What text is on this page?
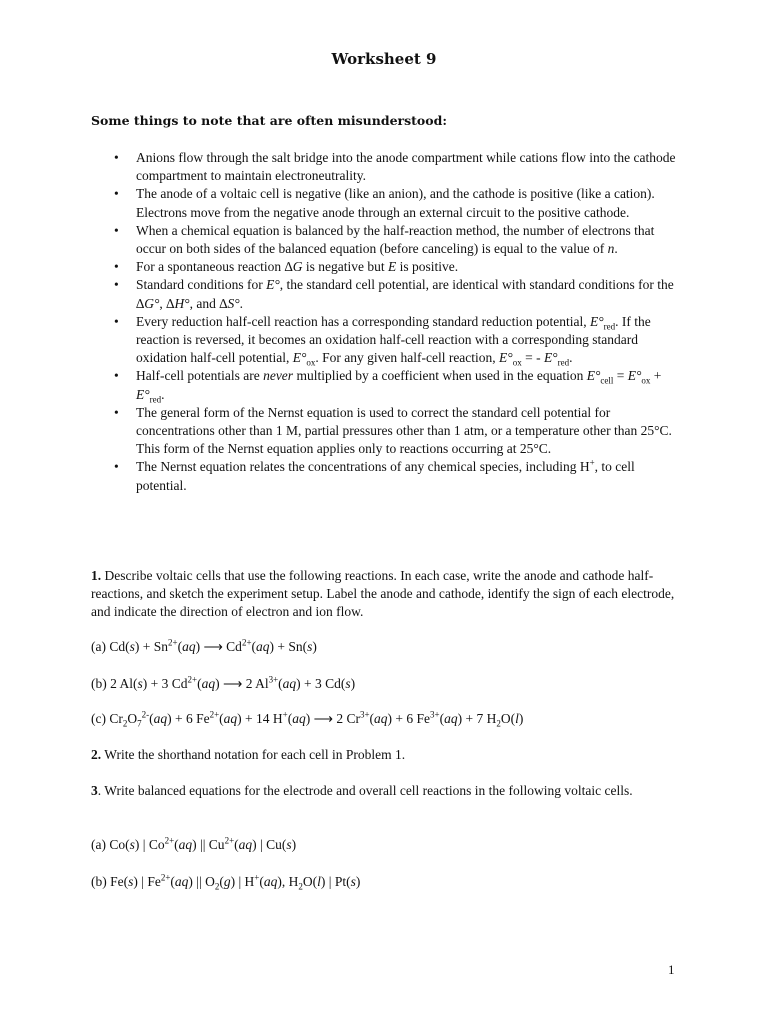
Worksheet 9
Some things to note that are often misunderstood:
• Anions flow through the salt bridge into the anode compartment while cations flow into the cathode compartment to maintain electroneutrality.
• The anode of a voltaic cell is negative (like an anion), and the cathode is positive (like a cation). Electrons move from the negative anode through an external circuit to the positive cathode.
• When a chemical equation is balanced by the half-reaction method, the number of electrons that occur on both sides of the balanced equation (before canceling) is equal to the value of n.
• For a spontaneous reaction ∆G is negative but E is positive.
• Standard conditions for E°, the standard cell potential, are identical with standard conditions for the ∆G°, ∆H°, and ∆S°.
• Every reduction half-cell reaction has a corresponding standard reduction potential, $E^\circ_{red}$. If the reaction is reversed, it becomes an oxidation half-cell reaction with a corresponding standard oxidation half-cell potential, $E^\circ_{ox}$. For any given half-cell reaction, $E^\circ_{ox}$ = - $E^\circ_{red}$.
• Half-cell potentials are never multiplied by a coefficient when used in the equation $E^\circ_{cell} = E^\circ_{ox} + E^\circ_{red}$.
• The general form of the Nernst equation is used to correct the standard cell potential for concentrations other than 1 M, partial pressures other than 1 atm, or a temperature other than 25°C. This form of the Nernst equation applies only to reactions occurring at 25°C.
• The Nernst equation relates the concentrations of any chemical species, including H+, to cell potential.
1. Describe voltaic cells that use the following reactions. In each case, write the anode and cathode half-reactions, and sketch the experiment setup. Label the anode and cathode, identify the sign of each electrode, and indicate the direction of electron and ion flow.
(a) $Cd(s) + Sn^{2+}(aq)$ ⟶ $Cd^{2+}(aq) + Sn(s)$
(b) 2 Al(s) + 3 $Cd^{2+}(aq)$ ⟶ 2 $Al^{3+}(aq) + 3$ Cd(s)
(c) $Cr_2O_7^{2-}(aq) + 6$ $Fe^{2+}(aq) + 14$ H+(aq) ⟶ 2 $Cr^{3+}(aq) + 6$ $Fe^{3+}(aq) + 7$ $H_2O(l)$
2. Write the shorthand notation for each cell in Problem 1.
3. Write balanced equations for the electrode and overall cell reactions in the following voltaic cells.
(a) Co(s) | $Co^{2+}(aq)$ || $Cu^{2+}(aq)$ | Cu(s)
(b) Fe(s) | $Fe^{2+}(aq)$ || $O_2(g)$ | H+(aq), $H_2O(l)$ | Pt(s)
1
